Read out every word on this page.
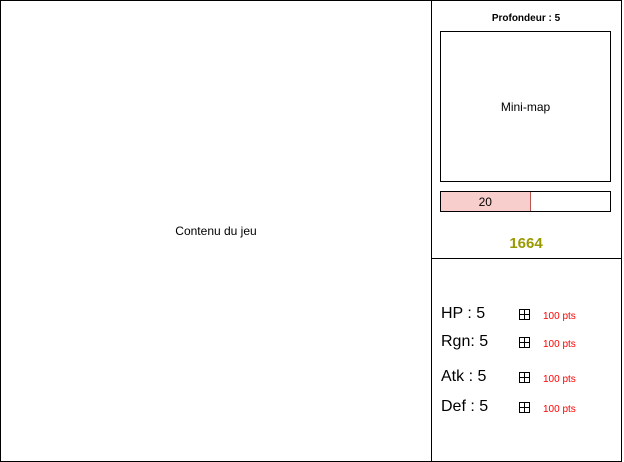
Contenu du jeu
Profondeur : 5
Mini-map
20
1664
HP : 5	100 pts
Rgn: 5	100 pts
Atk : 5	100 pts
Def : 5	100 pts
